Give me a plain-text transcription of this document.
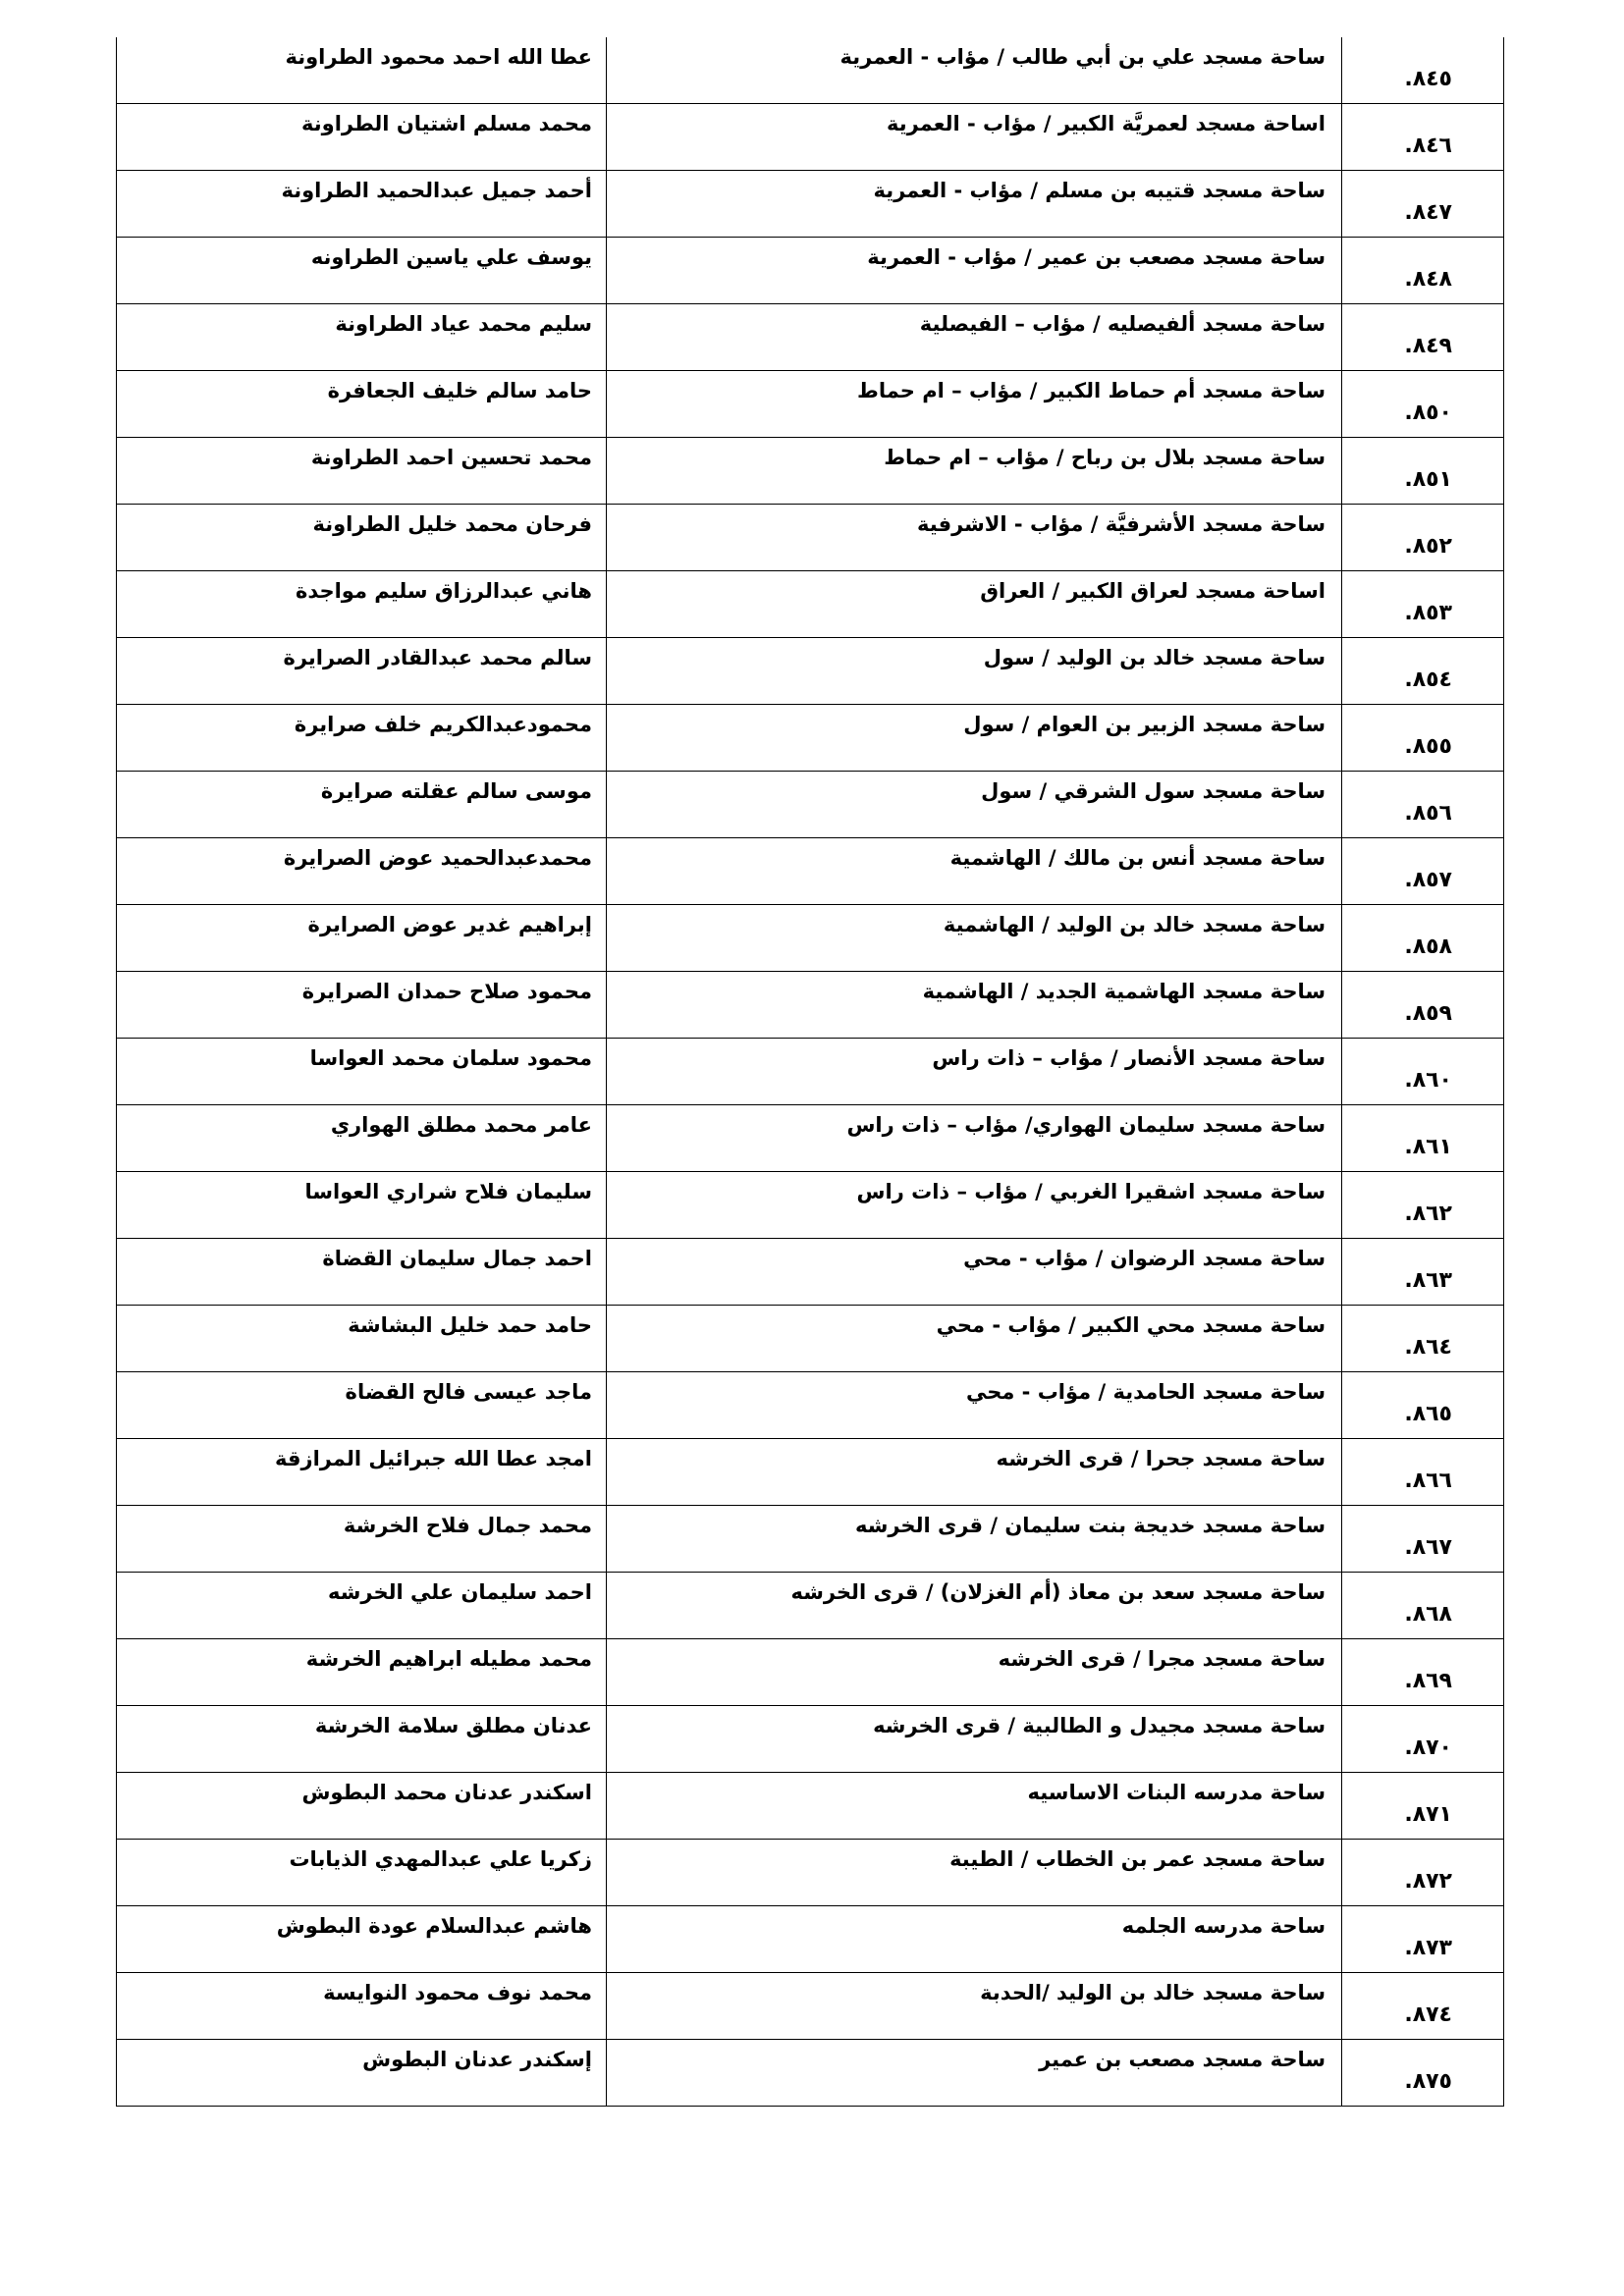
عطا الله احمد محمود الطراونة	ساحة مسجد علي بن أبي طالب / مؤاب - العمرية	٨٤٥.

محمد مسلم اشتيان الطراونة	اساحة مسجد لعمريَّة الكبير / مؤاب - العمرية	٨٤٦.

أحمد جميل عبدالحميد الطراونة	ساحة مسجد قتيبه بن مسلم / مؤاب - العمرية	٨٤٧.

يوسف علي ياسين الطراونه	ساحة مسجد مصعب بن عمير / مؤاب - العمرية	٨٤٨.

سليم محمد عياد الطراونة	ساحة مسجد ألفيصليه / مؤاب – الفيصلية	٨٤٩.

حامد سالم خليف الجعافرة	ساحة مسجد أم حماط الكبير / مؤاب – ام حماط	٨٥٠.

محمد تحسين احمد الطراونة	ساحة مسجد بلال بن رباح / مؤاب – ام حماط	٨٥١.

فرحان محمد خليل الطراونة	ساحة مسجد الأشرفيَّة / مؤاب - الاشرفية	٨٥٢.

هاني عبدالرزاق سليم مواجدة	اساحة مسجد لعراق الكبير / العراق	٨٥٣.

سالم محمد عبدالقادر الصرايرة	ساحة مسجد خالد بن الوليد / سول	٨٥٤.

محمودعبدالكريم خلف صرايرة	ساحة مسجد الزبير بن العوام / سول	٨٥٥.

موسى سالم عقلته صرايرة	ساحة مسجد سول الشرقي / سول	٨٥٦.

محمدعبدالحميد عوض الصرايرة	ساحة مسجد أنس بن مالك / الهاشمية	٨٥٧.

إبراهيم غدير عوض الصرايرة	ساحة مسجد خالد بن الوليد / الهاشمية	٨٥٨.

محمود صلاح حمدان الصرايرة	ساحة مسجد الهاشمية الجديد / الهاشمية	٨٥٩.

محمود سلمان محمد العواسا	ساحة مسجد الأنصار / مؤاب – ذات راس	٨٦٠.

عامر محمد مطلق الهواري	ساحة مسجد سليمان الهواري/ مؤاب – ذات راس	٨٦١.

سليمان فلاح شراري العواسا	ساحة مسجد اشقيرا الغربي / مؤاب – ذات راس	٨٦٢.

احمد جمال سليمان القضاة	ساحة مسجد الرضوان / مؤاب - محي	٨٦٣.

حامد حمد خليل البشاشة	ساحة مسجد محي الكبير / مؤاب - محي	٨٦٤.

ماجد عيسى فالح القضاة	ساحة مسجد الحامدية / مؤاب - محي	٨٦٥.

امجد عطا الله جبرائيل المرازقة	ساحة مسجد جحرا / قرى الخرشه	٨٦٦.

محمد جمال فلاح الخرشة	ساحة مسجد خديجة بنت سليمان / قرى الخرشه	٨٦٧.

احمد سليمان علي الخرشه	ساحة مسجد سعد بن معاذ (أم الغزلان) / قرى الخرشه	٨٦٨.

محمد مطيله ابراهيم الخرشة	ساحة مسجد مجرا / قرى الخرشه	٨٦٩.

عدنان مطلق سلامة الخرشة	ساحة مسجد مجيدل و الطالبية / قرى الخرشه	٨٧٠.

اسكندر عدنان محمد البطوش	ساحة مدرسه البنات الاساسيه	٨٧١.

زكريا علي عبدالمهدي الذيابات	ساحة مسجد عمر بن الخطاب / الطيبة	٨٧٢.

هاشم عبدالسلام عودة البطوش	ساحة مدرسه الجلمه	٨٧٣.

محمد نوف محمود النوايسة	ساحة مسجد خالد بن الوليد /الحدبة	٨٧٤.

إسكندر عدنان البطوش	ساحة مسجد مصعب بن عمير	٨٧٥.
